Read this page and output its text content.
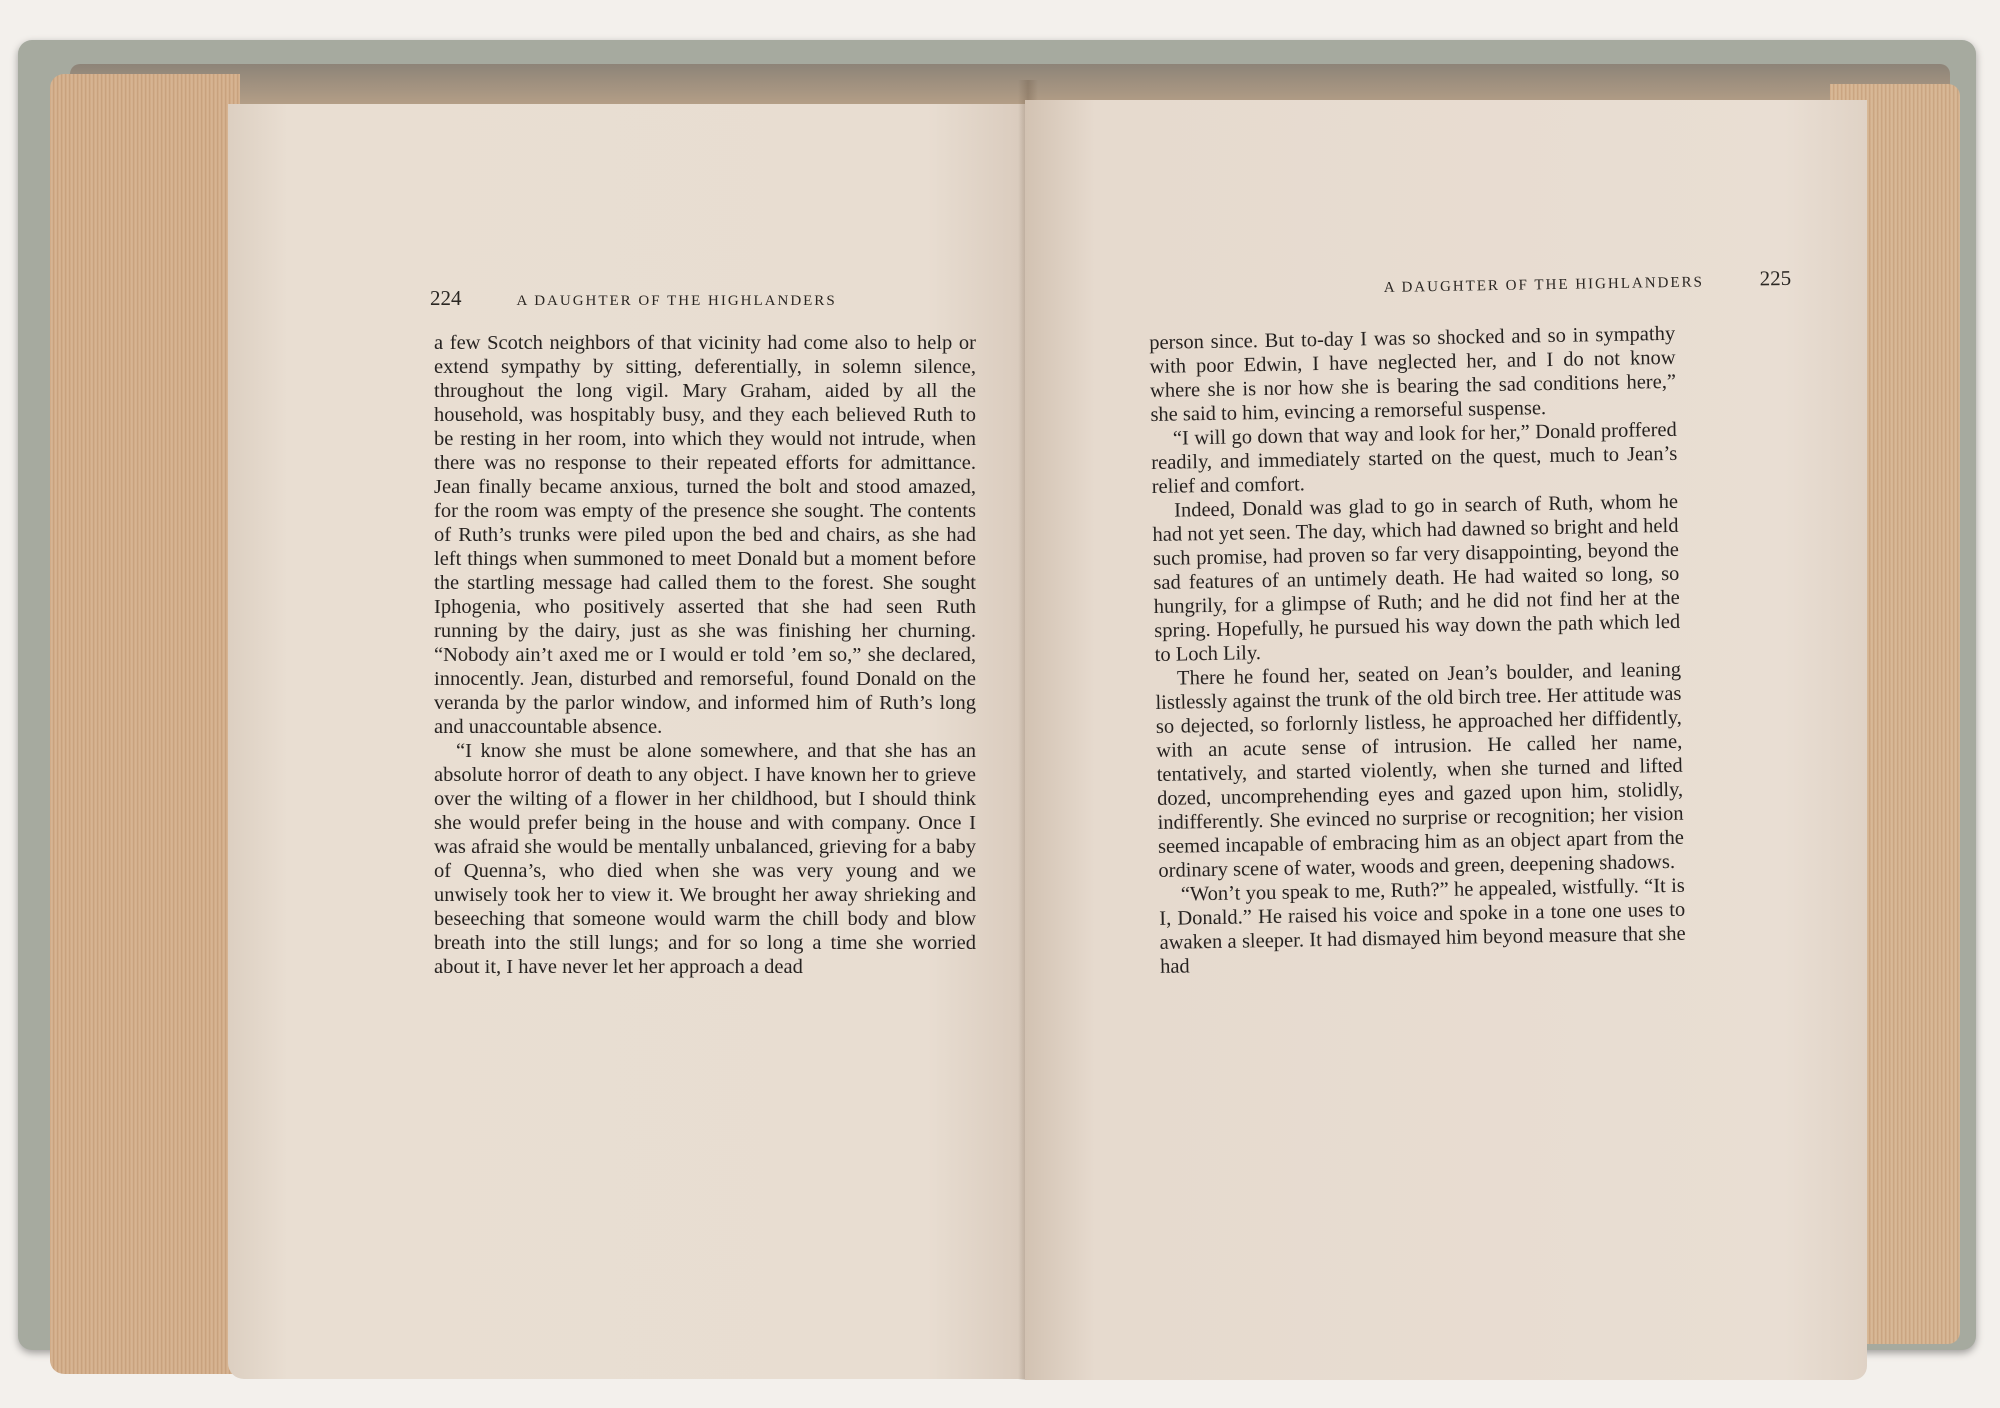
224	A DAUGHTER OF THE HIGHLANDERS

a few Scotch neighbors of that vicinity had come also to help or extend sympathy by sitting, deferentially, in solemn silence, throughout the long vigil. Mary Graham, aided by all the household, was hospitably busy, and they each believed Ruth to be resting in her room, into which they would not intrude, when there was no response to their repeated efforts for admittance. Jean finally became anxious, turned the bolt and stood amazed, for the room was empty of the presence she sought. The contents of Ruth’s trunks were piled upon the bed and chairs, as she had left things when summoned to meet Donald but a moment before the startling message had called them to the forest. She sought Iphogenia, who positively asserted that she had seen Ruth running by the dairy, just as she was finishing her churning. “Nobody ain’t axed me or I would er told ’em so,” she declared, innocently. Jean, disturbed and remorseful, found Donald on the veranda by the parlor window, and informed him of Ruth’s long and unaccountable absence.

“I know she must be alone somewhere, and that she has an absolute horror of death to any object. I have known her to grieve over the wilting of a flower in her childhood, but I should think she would prefer being in the house and with company. Once I was afraid she would be mentally unbalanced, grieving for a baby of Quenna’s, who died when she was very young and we unwisely took her to view it. We brought her away shrieking and beseeching that someone would warm the chill body and blow breath into the still lungs; and for so long a time she worried about it, I have never let her approach a dead

A DAUGHTER OF THE HIGHLANDERS	225

person since. But to-day I was so shocked and so in sympathy with poor Edwin, I have neglected her, and I do not know where she is nor how she is bearing the sad conditions here,” she said to him, evincing a remorseful suspense.

“I will go down that way and look for her,” Donald proffered readily, and immediately started on the quest, much to Jean’s relief and comfort.

Indeed, Donald was glad to go in search of Ruth, whom he had not yet seen. The day, which had dawned so bright and held such promise, had proven so far very disappointing, beyond the sad features of an untimely death. He had waited so long, so hungrily, for a glimpse of Ruth; and he did not find her at the spring. Hopefully, he pursued his way down the path which led to Loch Lily.

There he found her, seated on Jean’s boulder, and leaning listlessly against the trunk of the old birch tree. Her attitude was so dejected, so forlornly listless, he approached her diffidently, with an acute sense of intrusion. He called her name, tentatively, and started violently, when she turned and lifted dozed, uncomprehending eyes and gazed upon him, stolidly, indifferently. She evinced no surprise or recognition; her vision seemed incapable of embracing him as an object apart from the ordinary scene of water, woods and green, deepening shadows.

“Won’t you speak to me, Ruth?” he appealed, wistfully. “It is I, Donald.” He raised his voice and spoke in a tone one uses to awaken a sleeper. It had dismayed him beyond measure that she had
